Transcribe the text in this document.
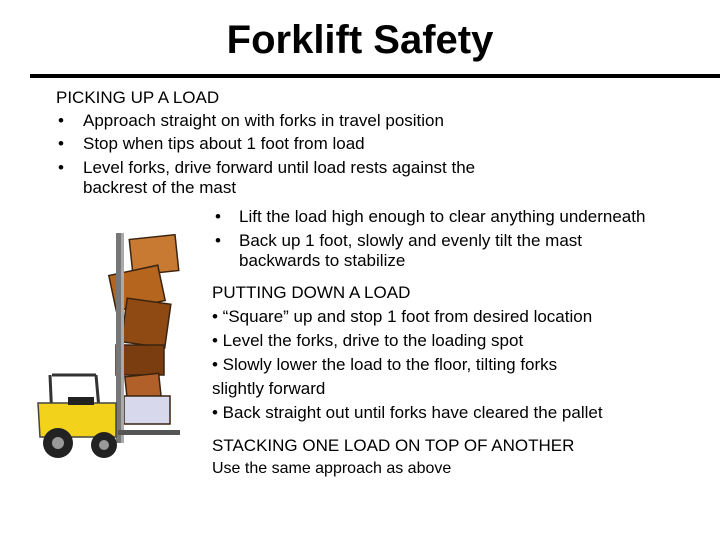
Forklift Safety
PICKING UP A LOAD
• Approach straight on with forks in travel position
• Stop when tips about 1 foot from load
• Level forks, drive forward until load rests against the
backrest of the mast
• Lift the load high enough to clear anything underneath
• Back up 1 foot, slowly and evenly tilt the mast
backwards to stabilize
PUTTING DOWN A LOAD
• “Square” up and stop 1 foot from desired location
• Level the forks, drive to the loading spot
• Slowly lower the load to the floor, tilting forks
slightly forward
• Back straight out until forks have cleared the pallet
STACKING ONE LOAD ON TOP OF ANOTHER
Use the same approach as above
